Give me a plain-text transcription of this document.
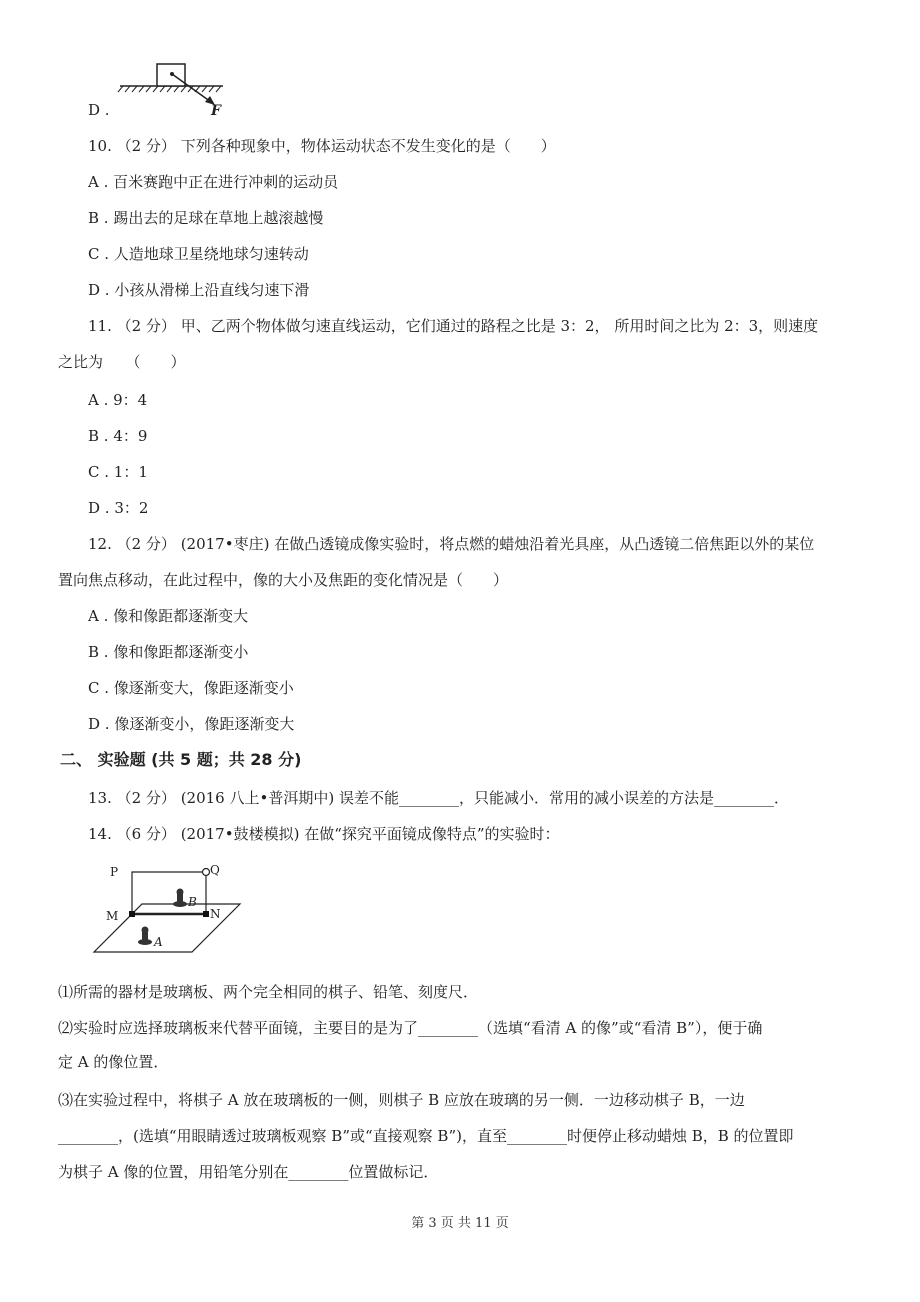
F
D .
10. （2 分） 下列各种现象中，物体运动状态不发生变化的是（　　）
A . 百米赛跑中正在进行冲刺的运动员
B . 踢出去的足球在草地上越滚越慢
C . 人造地球卫星绕地球匀速转动
D . 小孩从滑梯上沿直线匀速下滑
11. （2 分） 甲、乙两个物体做匀速直线运动，它们通过的路程之比是 3：2， 所用时间之比为 2：3，则速度
之比为　　（　　）
A . 9：4
B . 4：9
C . 1：1
D . 3：2
12. （2 分） (2017•枣庄) 在做凸透镜成像实验时，将点燃的蜡烛沿着光具座，从凸透镜二倍焦距以外的某位
置向焦点移动，在此过程中，像的大小及焦距的变化情况是（　　）
A . 像和像距都逐渐变大
B . 像和像距都逐渐变小
C . 像逐渐变大，像距逐渐变小
D . 像逐渐变小，像距逐渐变大
二、 实验题 (共 5 题；共 28 分)
13. （2 分） (2016 八上•普洱期中) 误差不能________，只能减小．常用的减小误差的方法是________．
14. （6 分） (2017•鼓楼模拟) 在做“探究平面镜成像特点”的实验时：
P	Q
M	N
A
B
⑴所需的器材是玻璃板、两个完全相同的棋子、铅笔、刻度尺．
⑵实验时应选择玻璃板来代替平面镜，主要目的是为了________（选填“看清 A 的像”或“看清 B”），便于确
定 A 的像位置．
⑶在实验过程中，将棋子 A 放在玻璃板的一侧，则棋子 B 应放在玻璃的另一侧．一边移动棋子 B，一边
________，(选填“用眼睛透过玻璃板观察 B”或“直接观察 B”)，直至________时便停止移动蜡烛 B，B 的位置即
为棋子 A 像的位置，用铅笔分别在________位置做标记．
第 3 页 共 11 页
